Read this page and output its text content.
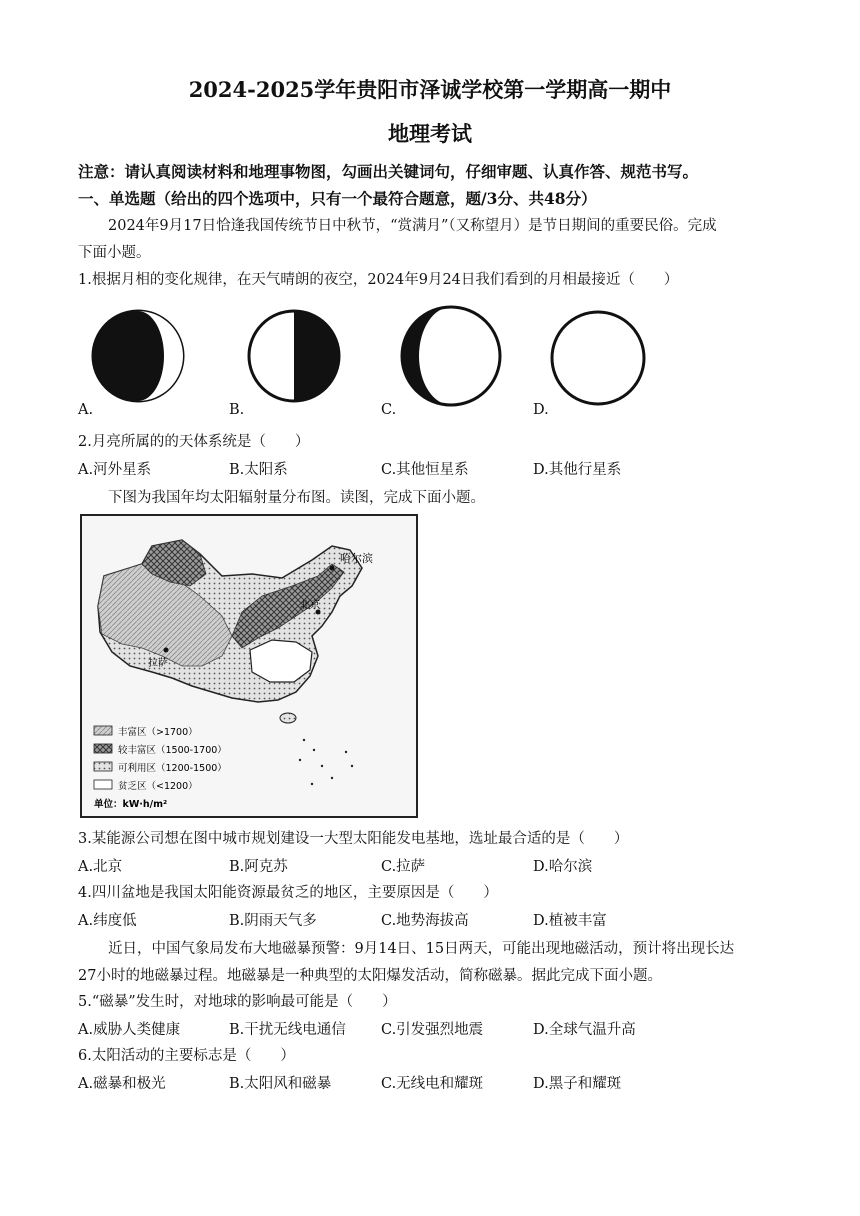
2024-2025学年贵阳市泽诚学校第一学期高一期中
地理考试
注意：请认真阅读材料和地理事物图，勾画出关键词句，仔细审题、认真作答、规范书写。
一、单选题（给出的四个选项中，只有一个最符合题意，题/3分、共48分）
2024年9月17日恰逢我国传统节日中秋节，“赏满月”（又称望月）是节日期间的重要民俗。完成
下面小题。
1.根据月相的变化规律，在天气晴朗的夜空，2024年9月24日我们看到的月相最接近（　　）
A.	B.	C.	D.
2.月亮所属的的天体系统是（　　）
A.河外星系	B.太阳系	C.其他恒星系	D.其他行星系
下图为我国年均太阳辐射量分布图。读图，完成下面小题。
哈尔滨
北京
拉萨
丰富区（>1700）
较丰富区（1500-1700）
可利用区（1200-1500）
贫乏区（<1200）
单位：kW·h/m²
3.某能源公司想在图中城市规划建设一大型太阳能发电基地，选址最合适的是（　　）
A.北京	B.阿克苏	C.拉萨	D.哈尔滨
4.四川盆地是我国太阳能资源最贫乏的地区，主要原因是（　　）
A.纬度低	B.阴雨天气多	C.地势海拔高	D.植被丰富
近日，中国气象局发布大地磁暴预警：9月14日、15日两天，可能出现地磁活动，预计将出现长达
27小时的地磁暴过程。地磁暴是一种典型的太阳爆发活动，简称磁暴。据此完成下面小题。
5.“磁暴”发生时，对地球的影响最可能是（　　）
A.威胁人类健康	B.干扰无线电通信 C.引发强烈地震	D.全球气温升高
6.太阳活动的主要标志是（　　）
A.磁暴和极光	B.太阳风和磁暴	C.无线电和耀斑	D.黑子和耀斑
